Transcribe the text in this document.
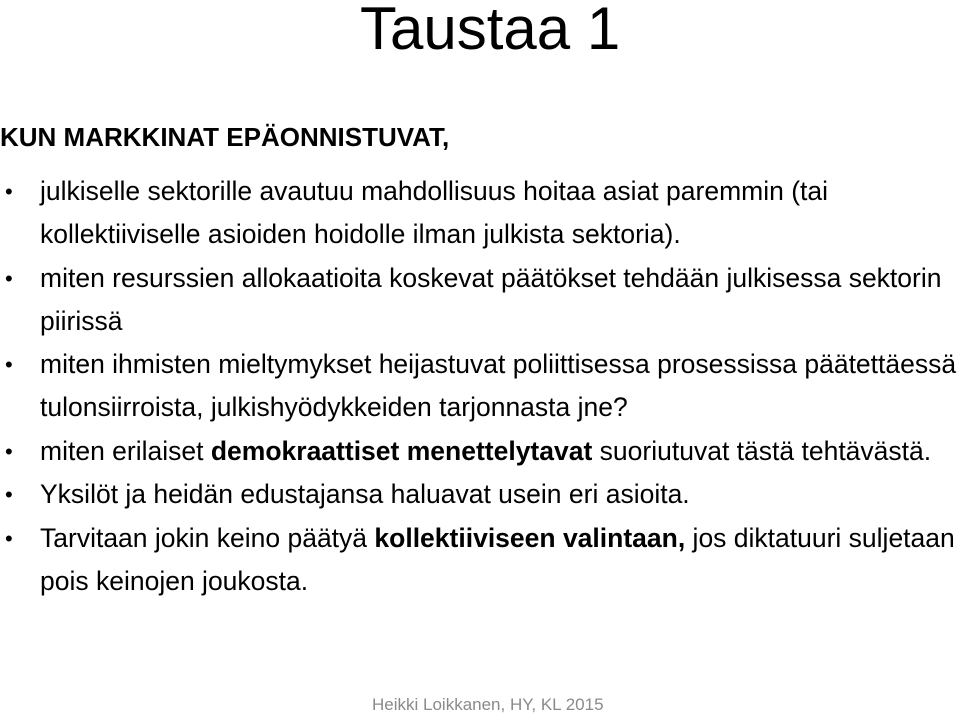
Taustaa 1
KUN MARKKINAT EPÄONNISTUVAT,
• julkiselle sektorille avautuu mahdollisuus hoitaa asiat paremmin (tai kollektiiviselle asioiden hoidolle ilman julkista sektoria).
• miten resurssien allokaatioita koskevat päätökset tehdään julkisessa sektorin piirissä
• miten ihmisten mieltymykset heijastuvat poliittisessa prosessissa päätettäessä tulonsiirroista, julkishyödykkeiden tarjonnasta jne?
• miten erilaiset demokraattiset menettelytavat suoriutuvat tästä tehtävästä.
• Yksilöt ja heidän edustajansa haluavat usein eri asioita.
• Tarvitaan jokin keino päätyä kollektiiviseen valintaan, jos diktatuuri suljetaan pois keinojen joukosta.
Heikki Loikkanen, HY, KL 2015
